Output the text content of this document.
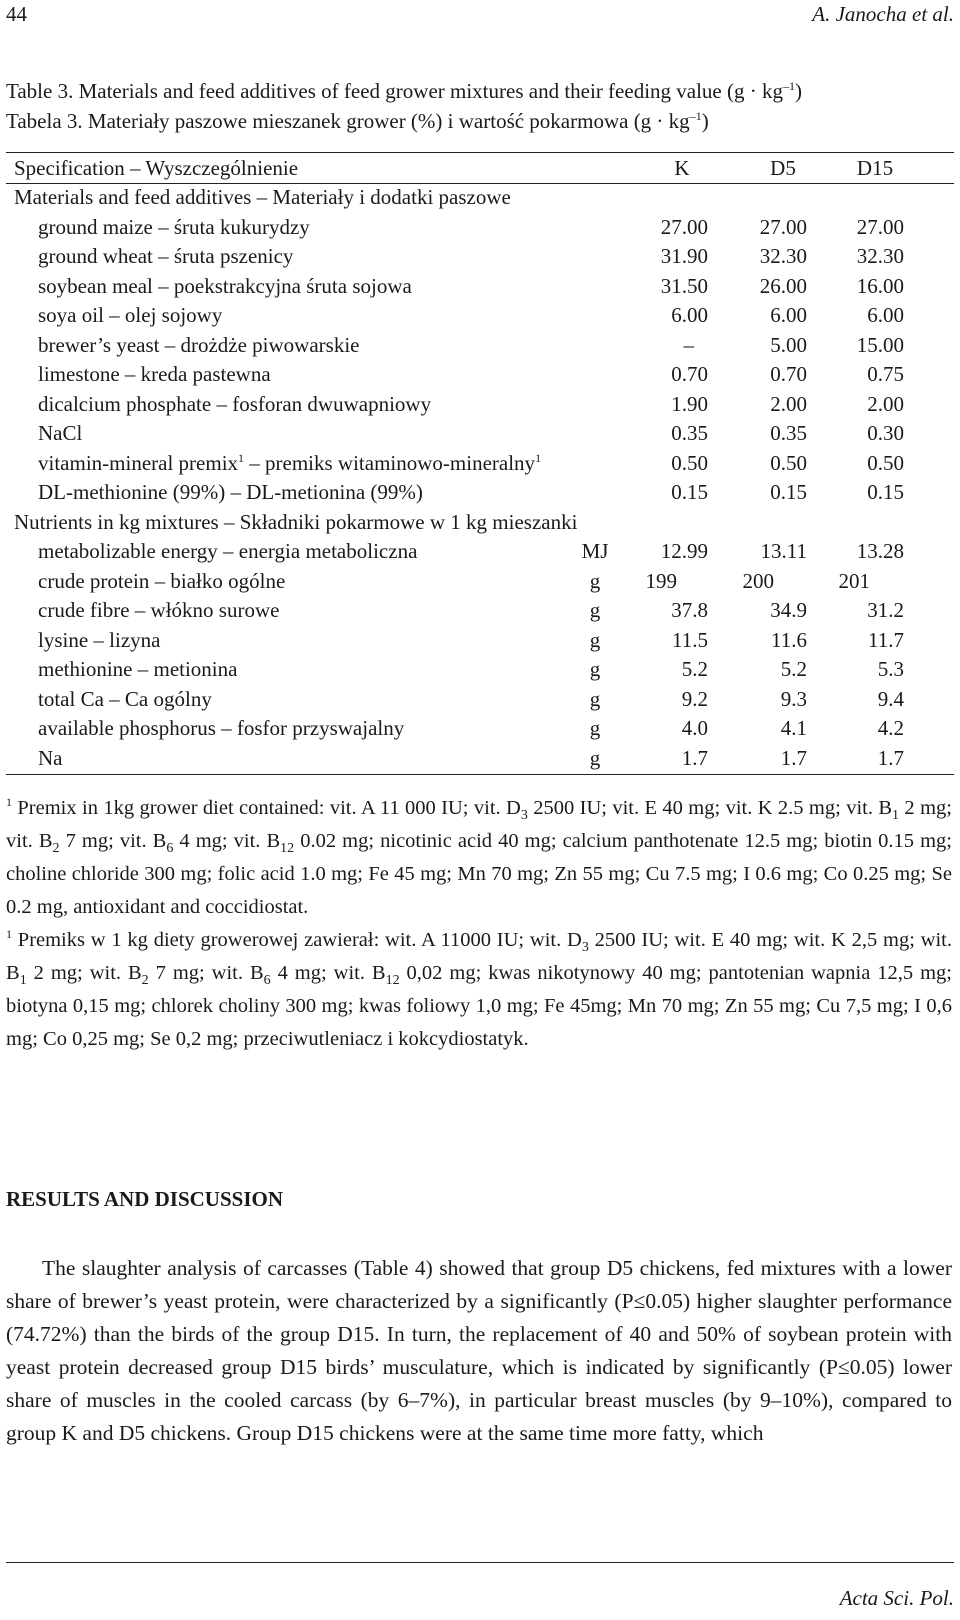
44	A. Janocha et al.
Table 3. Materials and feed additives of feed grower mixtures and their feeding value $(g \cdot kg^{-1})$
Tabela 3. Materiały paszowe mieszanek grower (%) i wartość pokarmowa $(g \cdot kg^{-1})$
Specification – Wyszczególnienie	K	D5	D15
Materials and feed additives – Materiały i dodatki paszowe
ground maize – śruta kukurydzy	27.00 27.00 27.00
ground wheat – śruta pszenicy	31.90 32.30 32.30
soybean meal – poekstrakcyjna śruta sojowa	31.50 26.00 16.00
soya oil – olej sojowy	6.00	6.00	6.00
brewer’s yeast – drożdże piwowarskie	–	5.00 15.00
limestone – kreda pastewna	0.70	0.70	0.75
dicalcium phosphate – fosforan dwuwapniowy	1.90	2.00	2.00
NaCl	0.35	0.35	0.30
vitamin-mineral premix$^1$ – premiks witaminowo-mineralny$^1$	0.50	0.50	0.50
DL-methionine (99%) – DL-metionina (99%)	0.15	0.15	0.15
Nutrients in kg mixtures – Składniki pokarmowe w 1 kg mieszanki
metabolizable energy – energia metaboliczna	MJ	12.99	13.11 13.28
crude protein – białko ogólne	g	199	200	201
crude fibre – włókno surowe	g	37.8	34.9	31.2
lysine – lizyna	g	11.5	11.6	11.7
methionine – metionina	g	5.2	5.2	5.3
total Ca – Ca ogólny	g	9.2	9.3	9.4
available phosphorus – fosfor przyswajalny	g	4.0	4.1	4.2
Na	g	1.7	1.7	1.7
$^1$ Premix in 1kg grower diet contained: vit. A 11 000 IU; vit. $D_3$ 2500 IU; vit. E 40 mg; vit. K 2.5 mg; vit. $B_1$ 2 mg; vit. $B_2$ 7 mg; vit. $B_6$ 4 mg; vit. $B_{12}$ 0.02 mg; nicotinic acid 40 mg; calcium panthotenate 12.5 mg; biotin 0.15 mg; choline chloride 300 mg; folic acid 1.0 mg; Fe 45 mg; Mn 70 mg; Zn 55 mg; Cu 7.5 mg; I 0.6 mg; Co 0.25 mg; Se 0.2 mg, antioxidant and coccidiostat.
$^1$ Premiks w 1 kg diety growerowej zawierał: wit. A 11000 IU; wit. $D_3$ 2500 IU; wit. E 40 mg; wit. K 2,5 mg; wit. $B_1$ 2 mg; wit. $B_2$ 7 mg; wit. $B_6$ 4 mg; wit. $B_{12}$ 0,02 mg; kwas nikotynowy 40 mg; pantotenian wapnia 12,5 mg; biotyna 0,15 mg; chlorek choliny 300 mg; kwas foliowy 1,0 mg; Fe 45mg; Mn 70 mg; Zn 55 mg; Cu 7,5 mg; I 0,6 mg; Co 0,25 mg; Se 0,2 mg; przeciwutleniacz i kokcydiostatyk.
RESULTS AND DISCUSSION
The slaughter analysis of carcasses (Table 4) showed that group D5 chickens, fed mixtures with a lower share of brewer’s yeast protein, were characterized by a significantly (P≤0.05) higher slaughter performance (74.72%) than the birds of the group D15. In turn, the replacement of 40 and 50% of soybean protein with yeast protein decreased group D15 birds’ musculature, which is indicated by significantly (P≤0.05) lower share of muscles in the cooled carcass (by 6–7%), in particular breast muscles (by 9–10%), compared to group K and D5 chickens. Group D15 chickens were at the same time more fatty, which
Acta Sci. Pol.
